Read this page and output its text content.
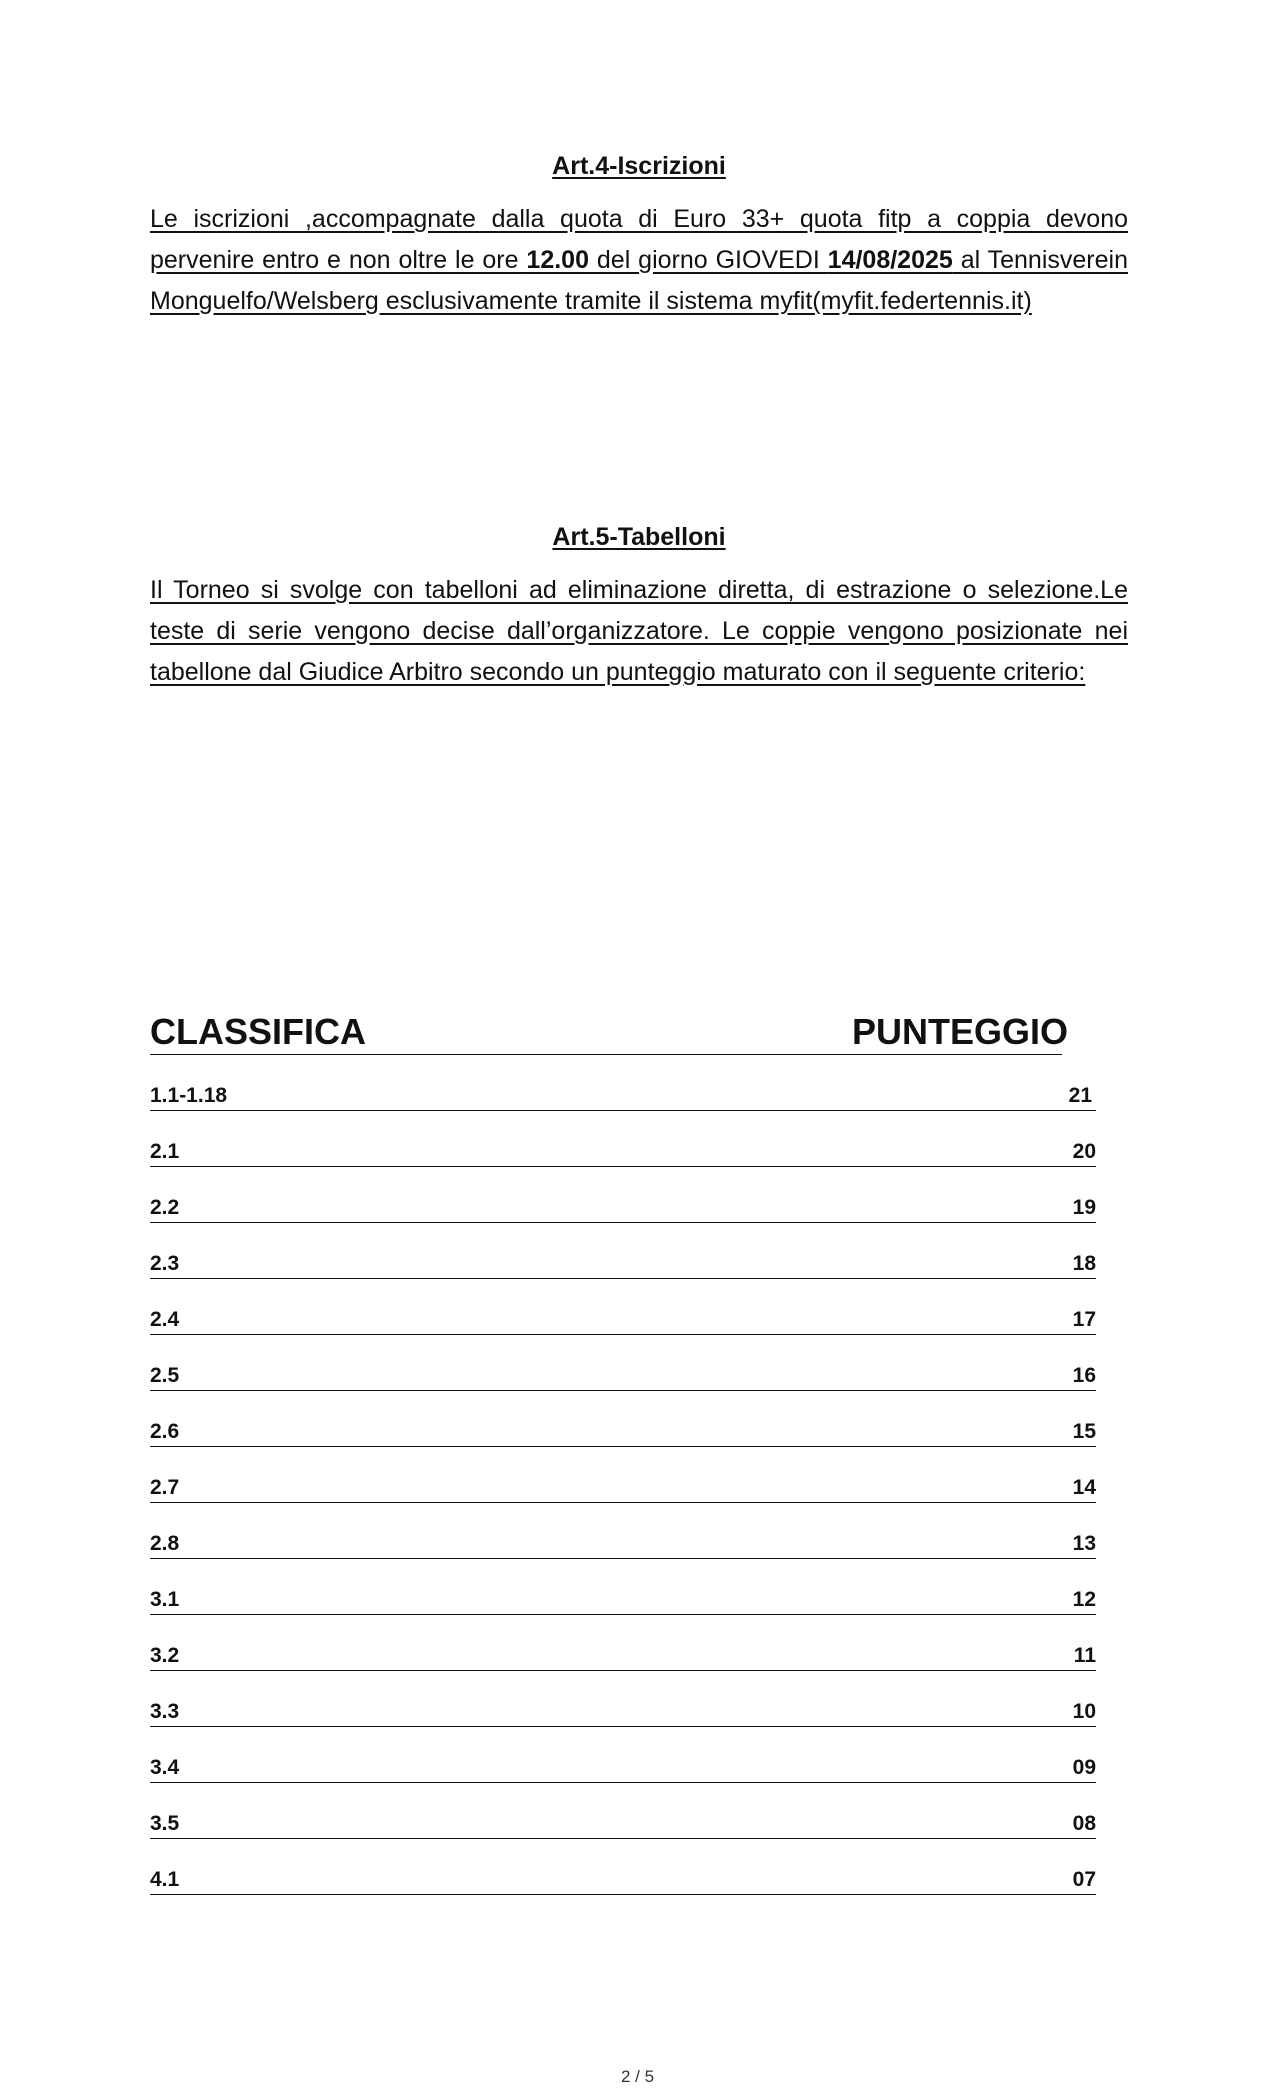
Art.4-Iscrizioni

Le iscrizioni ,accompagnate dalla quota di Euro 33+ quota fitp a coppia devono pervenire entro e non oltre le ore 12.00 del giorno GIOVEDI 14/08/2025 al Tennisverein Monguelfo/Welsberg esclusivamente tramite il sistema myfit(myfit.federtennis.it)

Art.5-Tabelloni

Il Torneo si svolge con tabelloni ad eliminazione diretta, di estrazione o selezione.Le teste di serie vengono decise dall’organizzatore. Le coppie vengono posizionate nei tabellone dal Giudice Arbitro secondo un punteggio maturato con il seguente criterio:

CLASSIFICA	PUNTEGGIO
1.1-1.18	21
2.1	20
2.2	19
2.3	18
2.4	17
2.5	16
2.6	15
2.7	14
2.8	13
3.1	12
3.2	11
3.3	10
3.4	09
3.5	08
4.1	07
2 / 5
